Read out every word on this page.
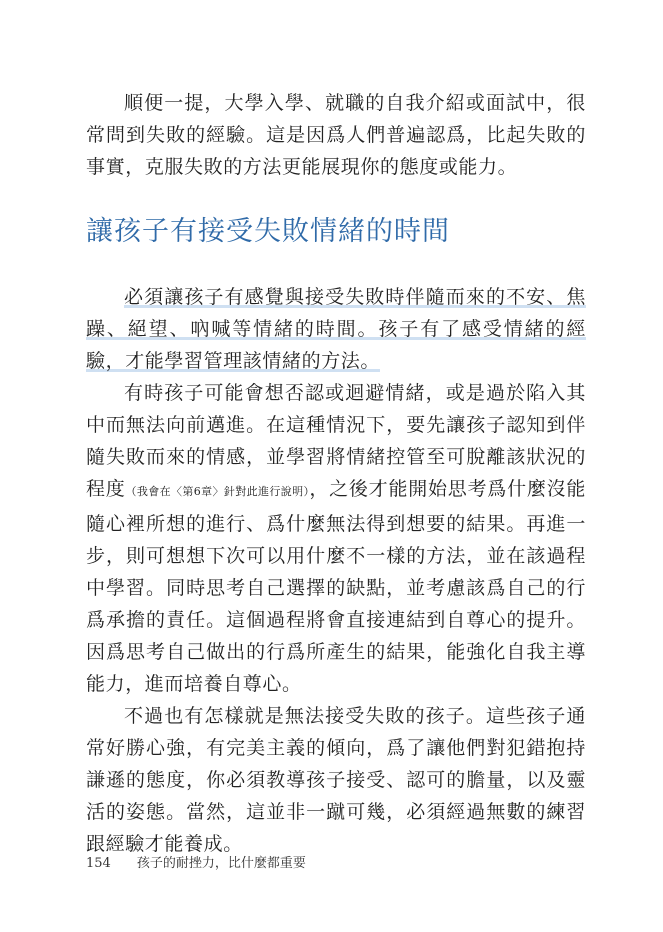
順便一提，大學入學、就職的自我介紹或面試中，很常問到失敗的經驗。這是因爲人們普遍認爲，比起失敗的事實，克服失敗的方法更能展現你的態度或能力。

讓孩子有接受失敗情緒的時間

必須讓孩子有感覺與接受失敗時伴隨而來的不安、焦躁、絕望、吶喊等情緒的時間。孩子有了感受情緒的經驗，才能學習管理該情緒的方法。

有時孩子可能會想否認或迴避情緒，或是過於陷入其中而無法向前邁進。在這種情況下，要先讓孩子認知到伴隨失敗而來的情感，並學習將情緒控管至可脫離該狀況的程度（我會在〈第6章〉針對此進行說明），之後才能開始思考爲什麼沒能隨心裡所想的進行、爲什麼無法得到想要的結果。再進一步，則可想想下次可以用什麼不一樣的方法，並在該過程中學習。同時思考自己選擇的缺點，並考慮該爲自己的行爲承擔的責任。這個過程將會直接連結到自尊心的提升。因爲思考自己做出的行爲所產生的結果，能強化自我主導能力，進而培養自尊心。

不過也有怎樣就是無法接受失敗的孩子。這些孩子通常好勝心強，有完美主義的傾向，爲了讓他們對犯錯抱持謙遜的態度，你必須教導孩子接受、認可的膽量，以及靈活的姿態。當然，這並非一蹴可幾，必須經過無數的練習跟經驗才能養成。

154 孩子的耐挫力，比什麼都重要
